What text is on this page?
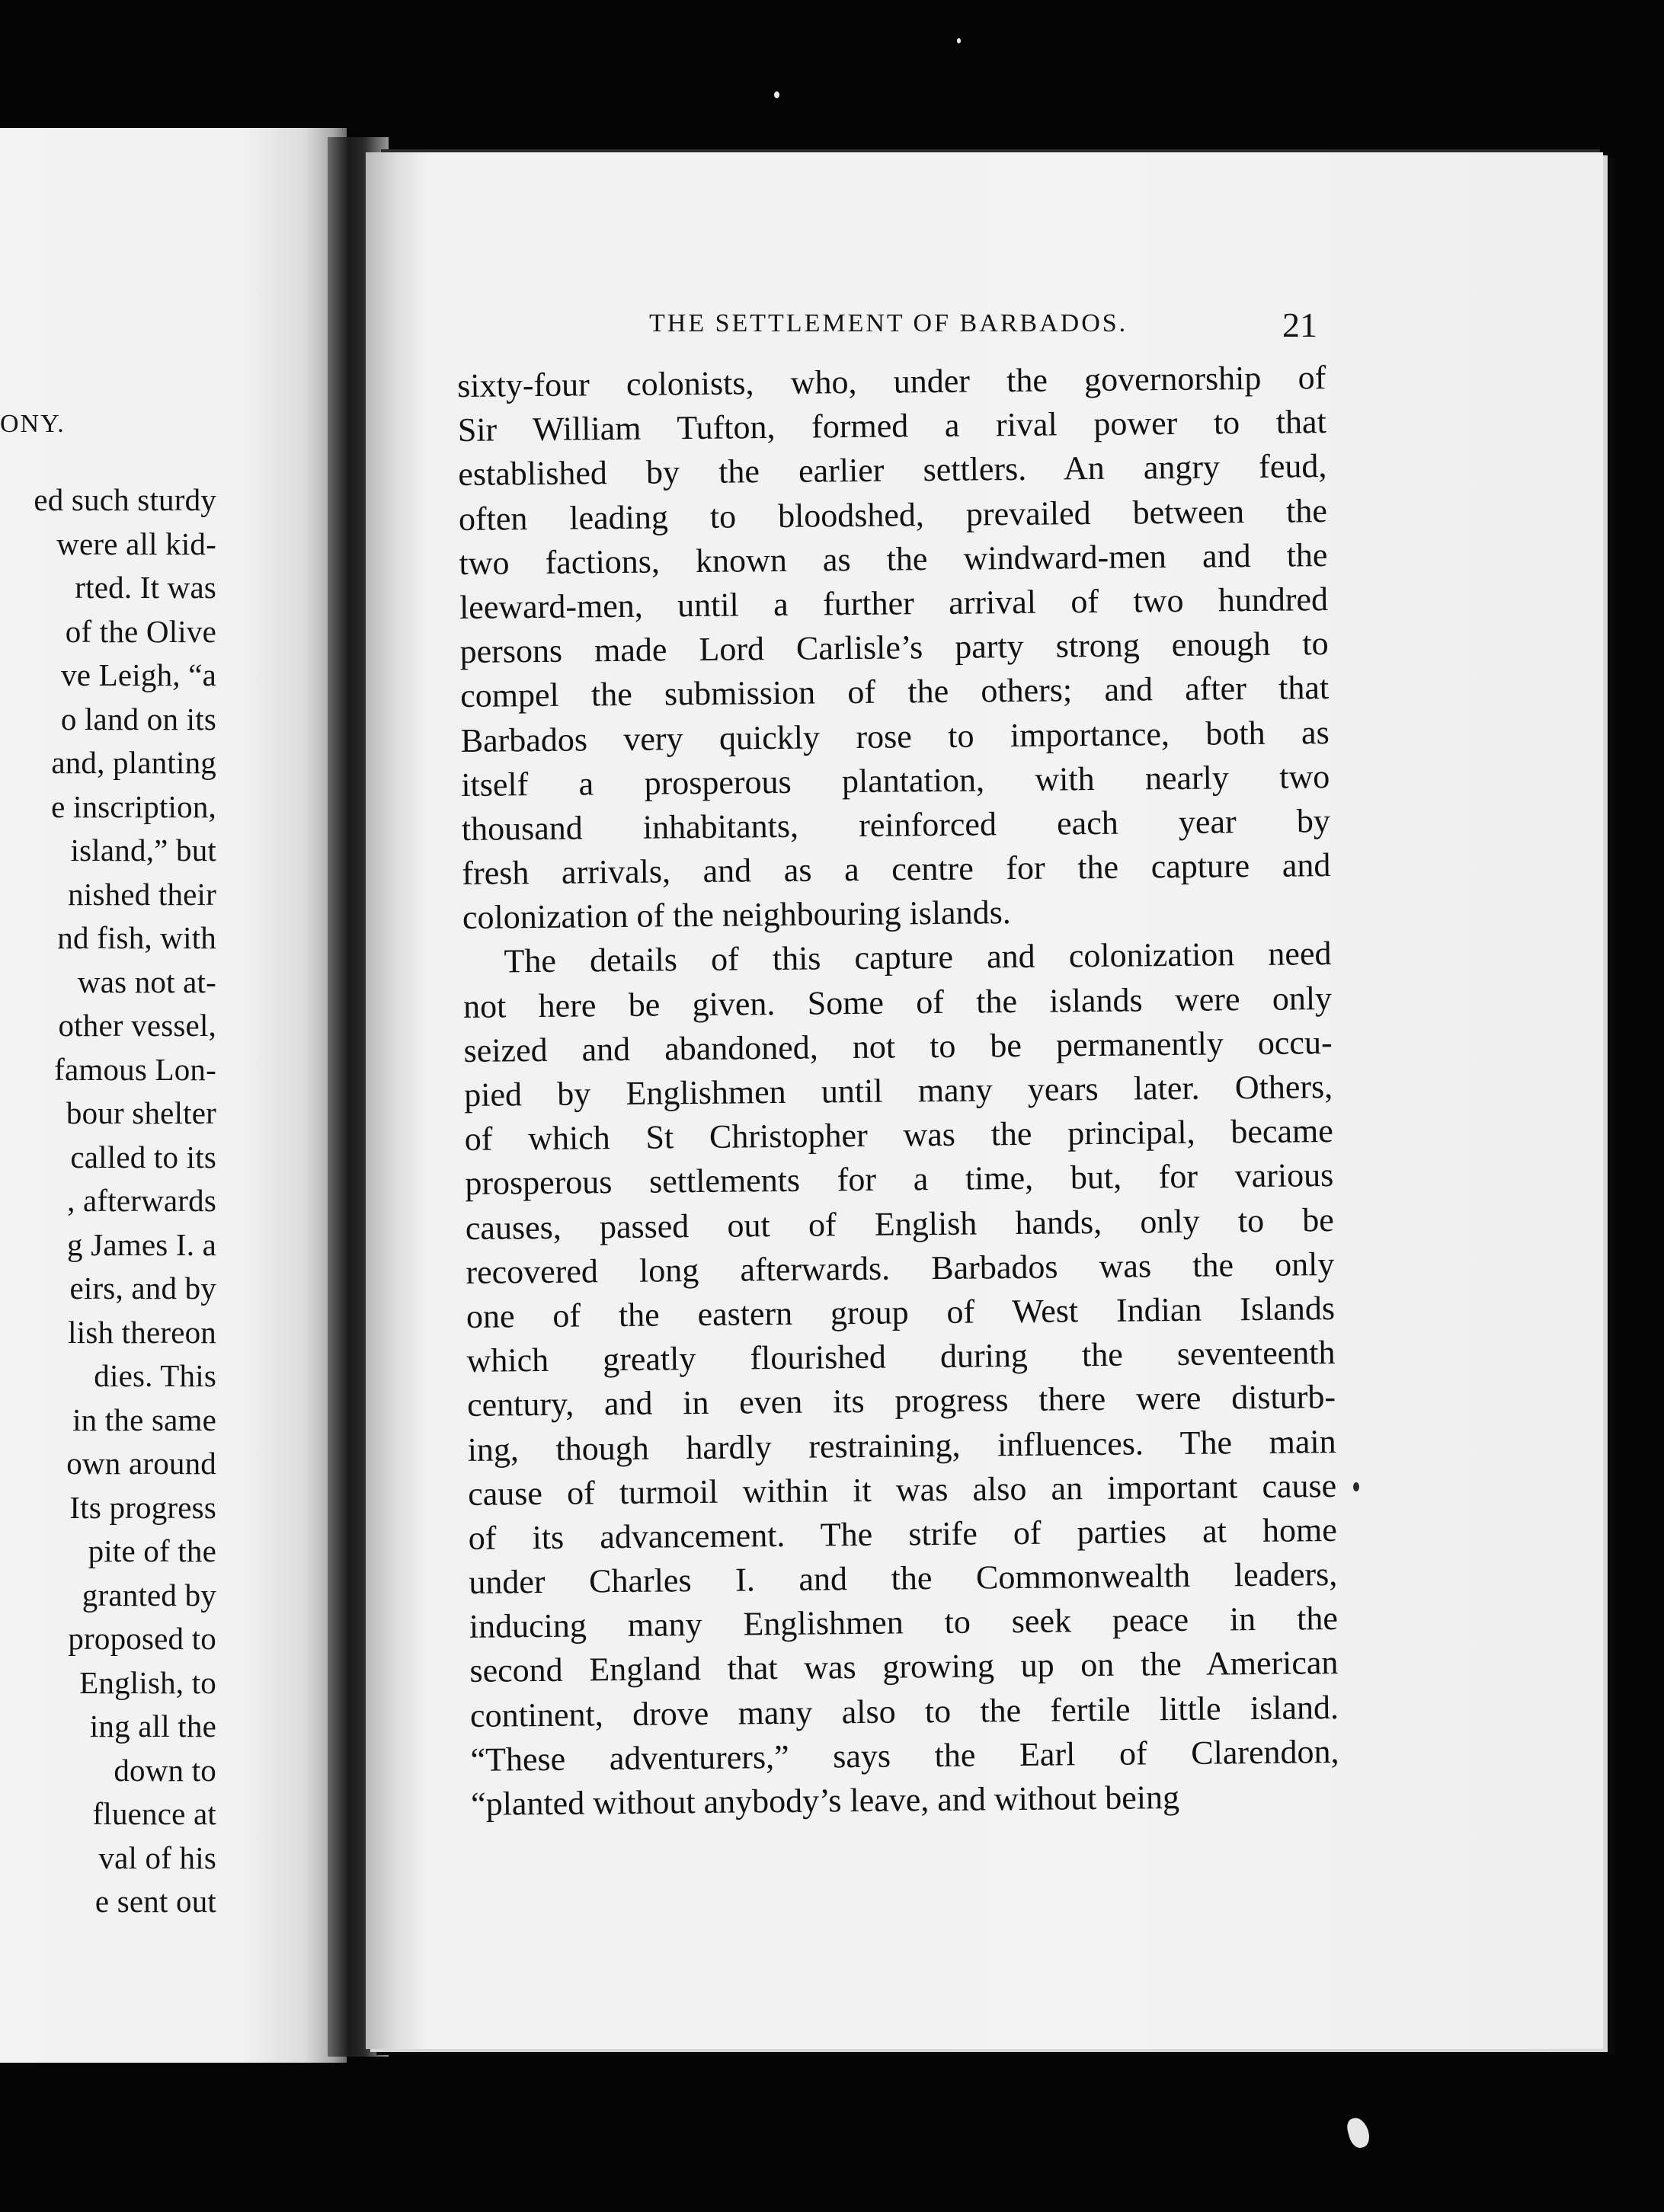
ONY.
ed such sturdy
were all kid-
rted. It was
of the Olive
ve Leigh, “a
o land on its
and, planting
e inscription,
island,” but
nished their
nd fish, with
was not at-
other vessel,
famous Lon-
bour shelter
called to its
, afterwards
g James I. a
eirs, and by
lish thereon
dies. This
in the same
own around
Its progress
pite of the
granted by
proposed to
English, to
ing all the
down to
fluence at
val of his
e sent out
THE SETTLEMENT OF BARBADOS.	21
sixty-four colonists, who, under the governorship of
Sir William Tufton, formed a rival power to that
established by the earlier settlers. An angry feud,
often leading to bloodshed, prevailed between the
two factions, known as the windward-men and the
leeward-men, until a further arrival of two hundred
persons made Lord Carlisle’s party strong enough to
compel the submission of the others; and after that
Barbados very quickly rose to importance, both as
itself a prosperous plantation, with nearly two
thousand inhabitants, reinforced each year by
fresh arrivals, and as a centre for the capture and
colonization of the neighbouring islands.
The details of this capture and colonization need
not here be given. Some of the islands were only
seized and abandoned, not to be permanently occu-
pied by Englishmen until many years later. Others,
of which St Christopher was the principal, became
prosperous settlements for a time, but, for various
causes, passed out of English hands, only to be
recovered long afterwards. Barbados was the only
one of the eastern group of West Indian Islands
which greatly flourished during the seventeenth
century, and in even its progress there were disturb-
ing, though hardly restraining, influences. The main
cause of turmoil within it was also an important cause
of its advancement. The strife of parties at home
under Charles I. and the Commonwealth leaders,
inducing many Englishmen to seek peace in the
second England that was growing up on the American
continent, drove many also to the fertile little island.
“These adventurers,” says the Earl of Clarendon,
“planted without anybody’s leave, and without being
